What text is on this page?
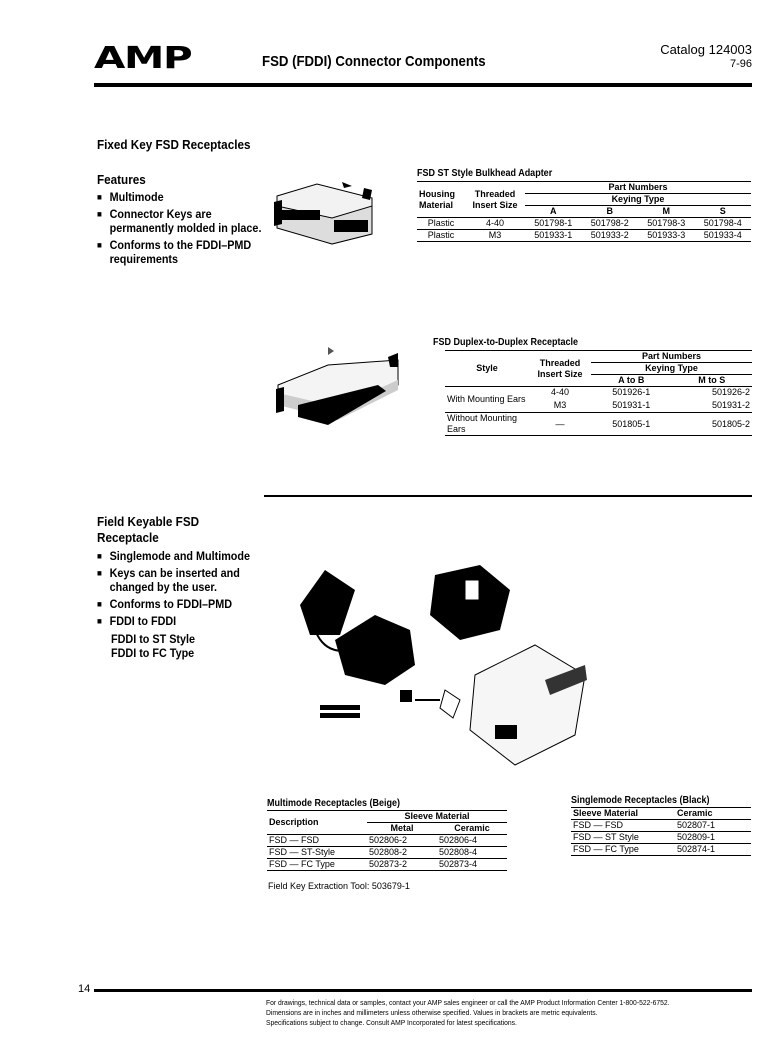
AMP	FSD (FDDI) Connector Components
Catalog 124003
7-96
Fixed Key FSD Receptacles
Features
■ Multimode
■ Connector Keys are permanently molded in place.
■ Conforms to the FDDI–PMD requirements
FSD ST Style Bulkhead Adapter
Housing Material	Threaded Insert Size	Part Numbers			
		Keying Type			
		A	B	M	S
Plastic	4-40	501798-1	501798-2	501798-3	501798-4
Plastic	M3	501933-1	501933-2	501933-3	501933-4
FSD Duplex-to-Duplex Receptacle
Style	Threaded Insert Size	Part Numbers	
		Keying Type	
		A to B	M to S
With Mounting Ears	4-40	501926-1	501926-2
	M3	501931-1	501931-2
Without Mounting Ears	—	501805-1	501805-2
Field Keyable FSD Receptacle
■ Singlemode and Multimode
■ Keys can be inserted and changed by the user.
■ Conforms to FDDI–PMD
■ FDDI to FDDI
FDDI to ST Style
FDDI to FC Type
Multimode Receptacles (Beige)
Description	Sleeve Material	
	Metal	Ceramic
FSD — FSD	502806-2	502806-4
FSD — ST-Style	502808-2	502808-4
FSD — FC Type	502873-2	502873-4
Field Key Extraction Tool: 503679-1
Singlemode Receptacles (Black)
Sleeve Material	Ceramic
FSD — FSD	502807-1
FSD — ST Style	502809-1
FSD — FC Type	502874-1
14
For drawings, technical data or samples, contact your AMP sales engineer or call the AMP Product Information Center 1-800-522-6752.
Dimensions are in inches and millimeters unless otherwise specified. Values in brackets are metric equivalents.
Specifications subject to change. Consult AMP Incorporated for latest specifications.
